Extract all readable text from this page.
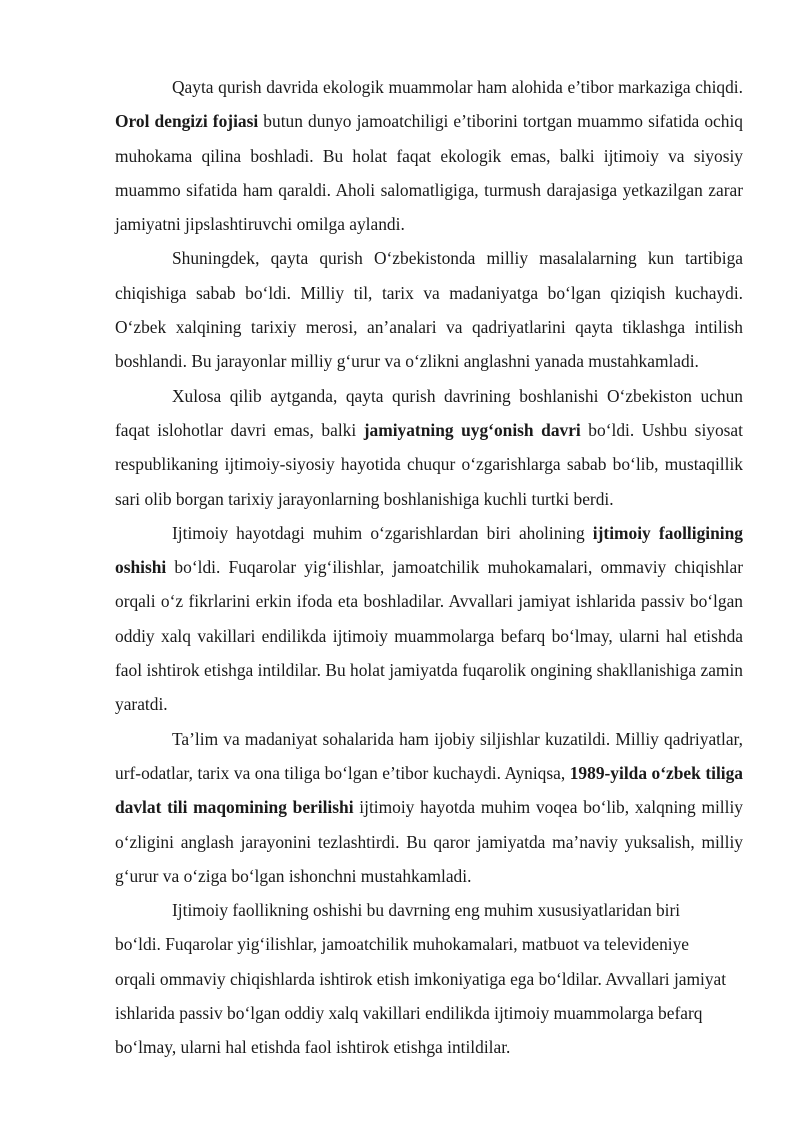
Qayta qurish davrida ekologik muammolar ham alohida e’tibor markaziga chiqdi. Orol dengizi fojiasi butun dunyo jamoatchiligi e’tiborini tortgan muammo sifatida ochiq muhokama qilina boshladi. Bu holat faqat ekologik emas, balki ijtimoiy va siyosiy muammo sifatida ham qaraldi. Aholi salomatligiga, turmush darajasiga yetkazilgan zarar jamiyatni jipslashtiruvchi omilga aylandi.

Shuningdek, qayta qurish O‘zbekistonda milliy masalalarning kun tartibiga chiqishiga sabab bo‘ldi. Milliy til, tarix va madaniyatga bo‘lgan qiziqish kuchaydi. O‘zbek xalqining tarixiy merosi, an’analari va qadriyatlarini qayta tiklashga intilish boshlandi. Bu jarayonlar milliy g‘urur va o‘zlikni anglashni yanada mustahkamladi.

Xulosa qilib aytganda, qayta qurish davrining boshlanishi O‘zbekiston uchun faqat islohotlar davri emas, balki jamiyatning uyg‘onish davri bo‘ldi. Ushbu siyosat respublikaning ijtimoiy-siyosiy hayotida chuqur o‘zgarishlarga sabab bo‘lib, mustaqillik sari olib borgan tarixiy jarayonlarning boshlanishiga kuchli turtki berdi.

Ijtimoiy hayotdagi muhim o‘zgarishlardan biri aholining ijtimoiy faolligining oshishi bo‘ldi. Fuqarolar yig‘ilishlar, jamoatchilik muhokamalari, ommaviy chiqishlar orqali o‘z fikrlarini erkin ifoda eta boshladilar. Avvallari jamiyat ishlarida passiv bo‘lgan oddiy xalq vakillari endilikda ijtimoiy muammolarga befarq bo‘lmay, ularni hal etishda faol ishtirok etishga intildilar. Bu holat jamiyatda fuqarolik ongining shakllanishiga zamin yaratdi.

Ta’lim va madaniyat sohalarida ham ijobiy siljishlar kuzatildi. Milliy qadriyatlar, urf-odatlar, tarix va ona tiliga bo‘lgan e’tibor kuchaydi. Ayniqsa, 1989-yilda o‘zbek tiliga davlat tili maqomining berilishi ijtimoiy hayotda muhim voqea bo‘lib, xalqning milliy o‘zligini anglash jarayonini tezlashtirdi. Bu qaror jamiyatda ma’naviy yuksalish, milliy g‘urur va o‘ziga bo‘lgan ishonchni mustahkamladi.

Ijtimoiy faollikning oshishi bu davrning eng muhim xususiyatlaridan biri bo‘ldi. Fuqarolar yig‘ilishlar, jamoatchilik muhokamalari, matbuot va televideniye orqali ommaviy chiqishlarda ishtirok etish imkoniyatiga ega bo‘ldilar. Avvallari jamiyat ishlarida passiv bo‘lgan oddiy xalq vakillari endilikda ijtimoiy muammolarga befarq bo‘lmay, ularni hal etishda faol ishtirok etishga intildilar.
